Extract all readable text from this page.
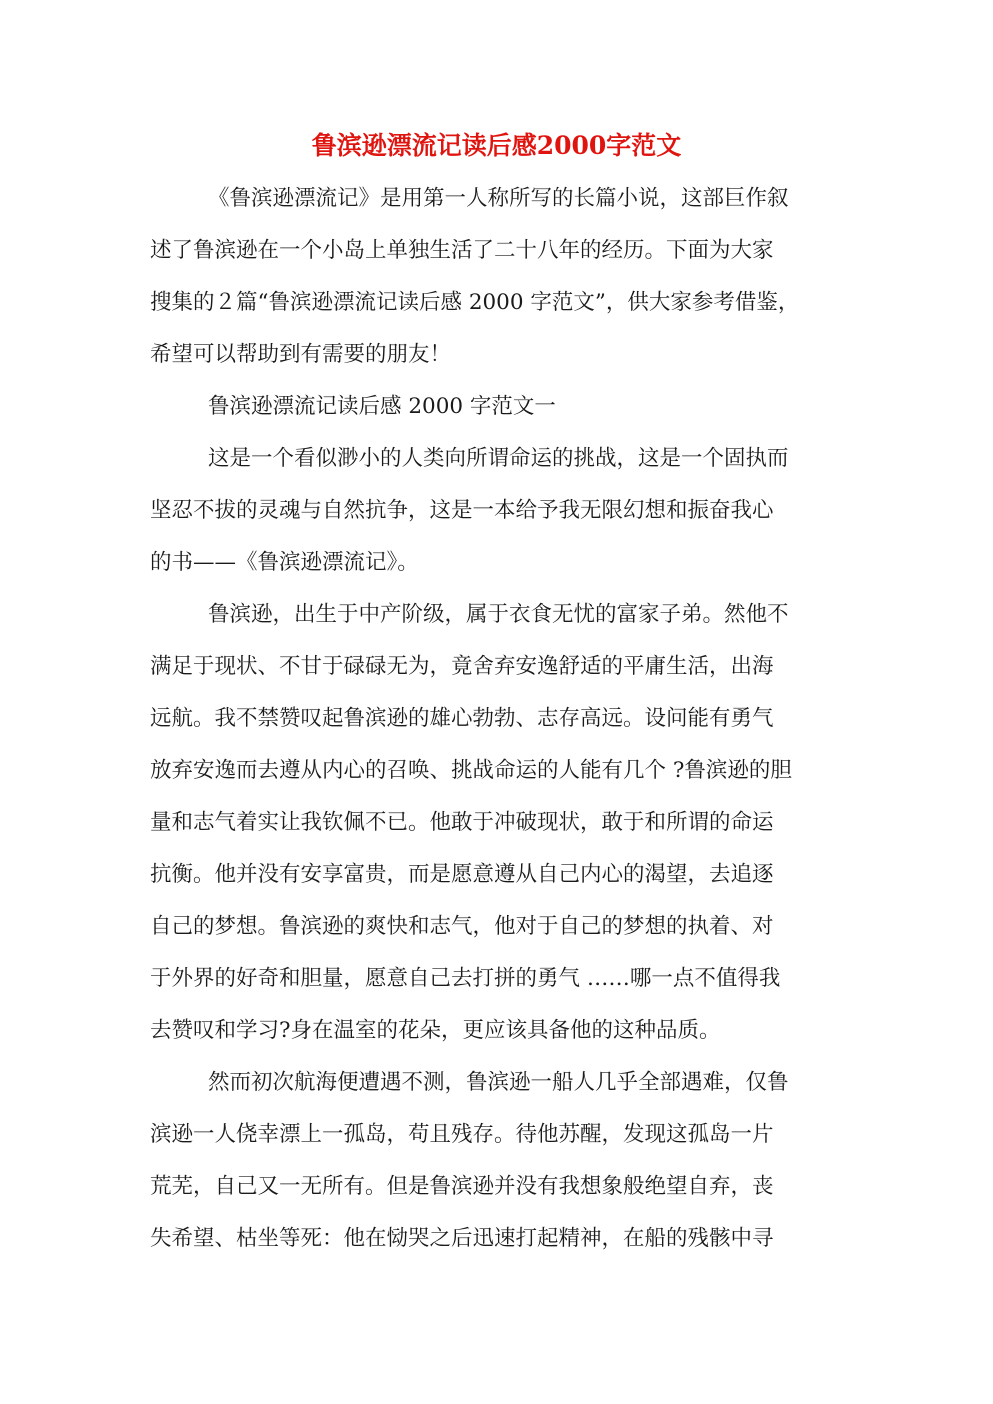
鲁滨逊漂流记读后感2000字范文

《鲁滨逊漂流记》是用第一人称所写的长篇小说，这部巨作叙

述了鲁滨逊在一个小岛上单独生活了二十八年的经历。下面为大家

搜集的２篇“鲁滨逊漂流记读后感 2000 字范文”，供大家参考借鉴，

希望可以帮助到有需要的朋友！

鲁滨逊漂流记读后感 2000 字范文一

这是一个看似渺小的人类向所谓命运的挑战，这是一个固执而

坚忍不拔的灵魂与自然抗争，这是一本给予我无限幻想和振奋我心

的书——《鲁滨逊漂流记》。

鲁滨逊，出生于中产阶级，属于衣食无忧的富家子弟。然他不

满足于现状、不甘于碌碌无为，竟舍弃安逸舒适的平庸生活，出海

远航。我不禁赞叹起鲁滨逊的雄心勃勃、志存高远。设问能有勇气

放弃安逸而去遵从内心的召唤、挑战命运的人能有几个 ?鲁滨逊的胆

量和志气着实让我钦佩不已。他敢于冲破现状，敢于和所谓的命运

抗衡。他并没有安享富贵，而是愿意遵从自己内心的渴望，去追逐

自己的梦想。鲁滨逊的爽快和志气，他对于自己的梦想的执着、对

于外界的好奇和胆量，愿意自己去打拼的勇气 ……哪一点不值得我

去赞叹和学习?身在温室的花朵，更应该具备他的这种品质。

然而初次航海便遭遇不测，鲁滨逊一船人几乎全部遇难，仅鲁

滨逊一人侥幸漂上一孤岛，苟且残存。待他苏醒，发现这孤岛一片

荒芜，自己又一无所有。但是鲁滨逊并没有我想象般绝望自弃，丧

失希望、枯坐等死：他在恸哭之后迅速打起精神，在船的残骸中寻
